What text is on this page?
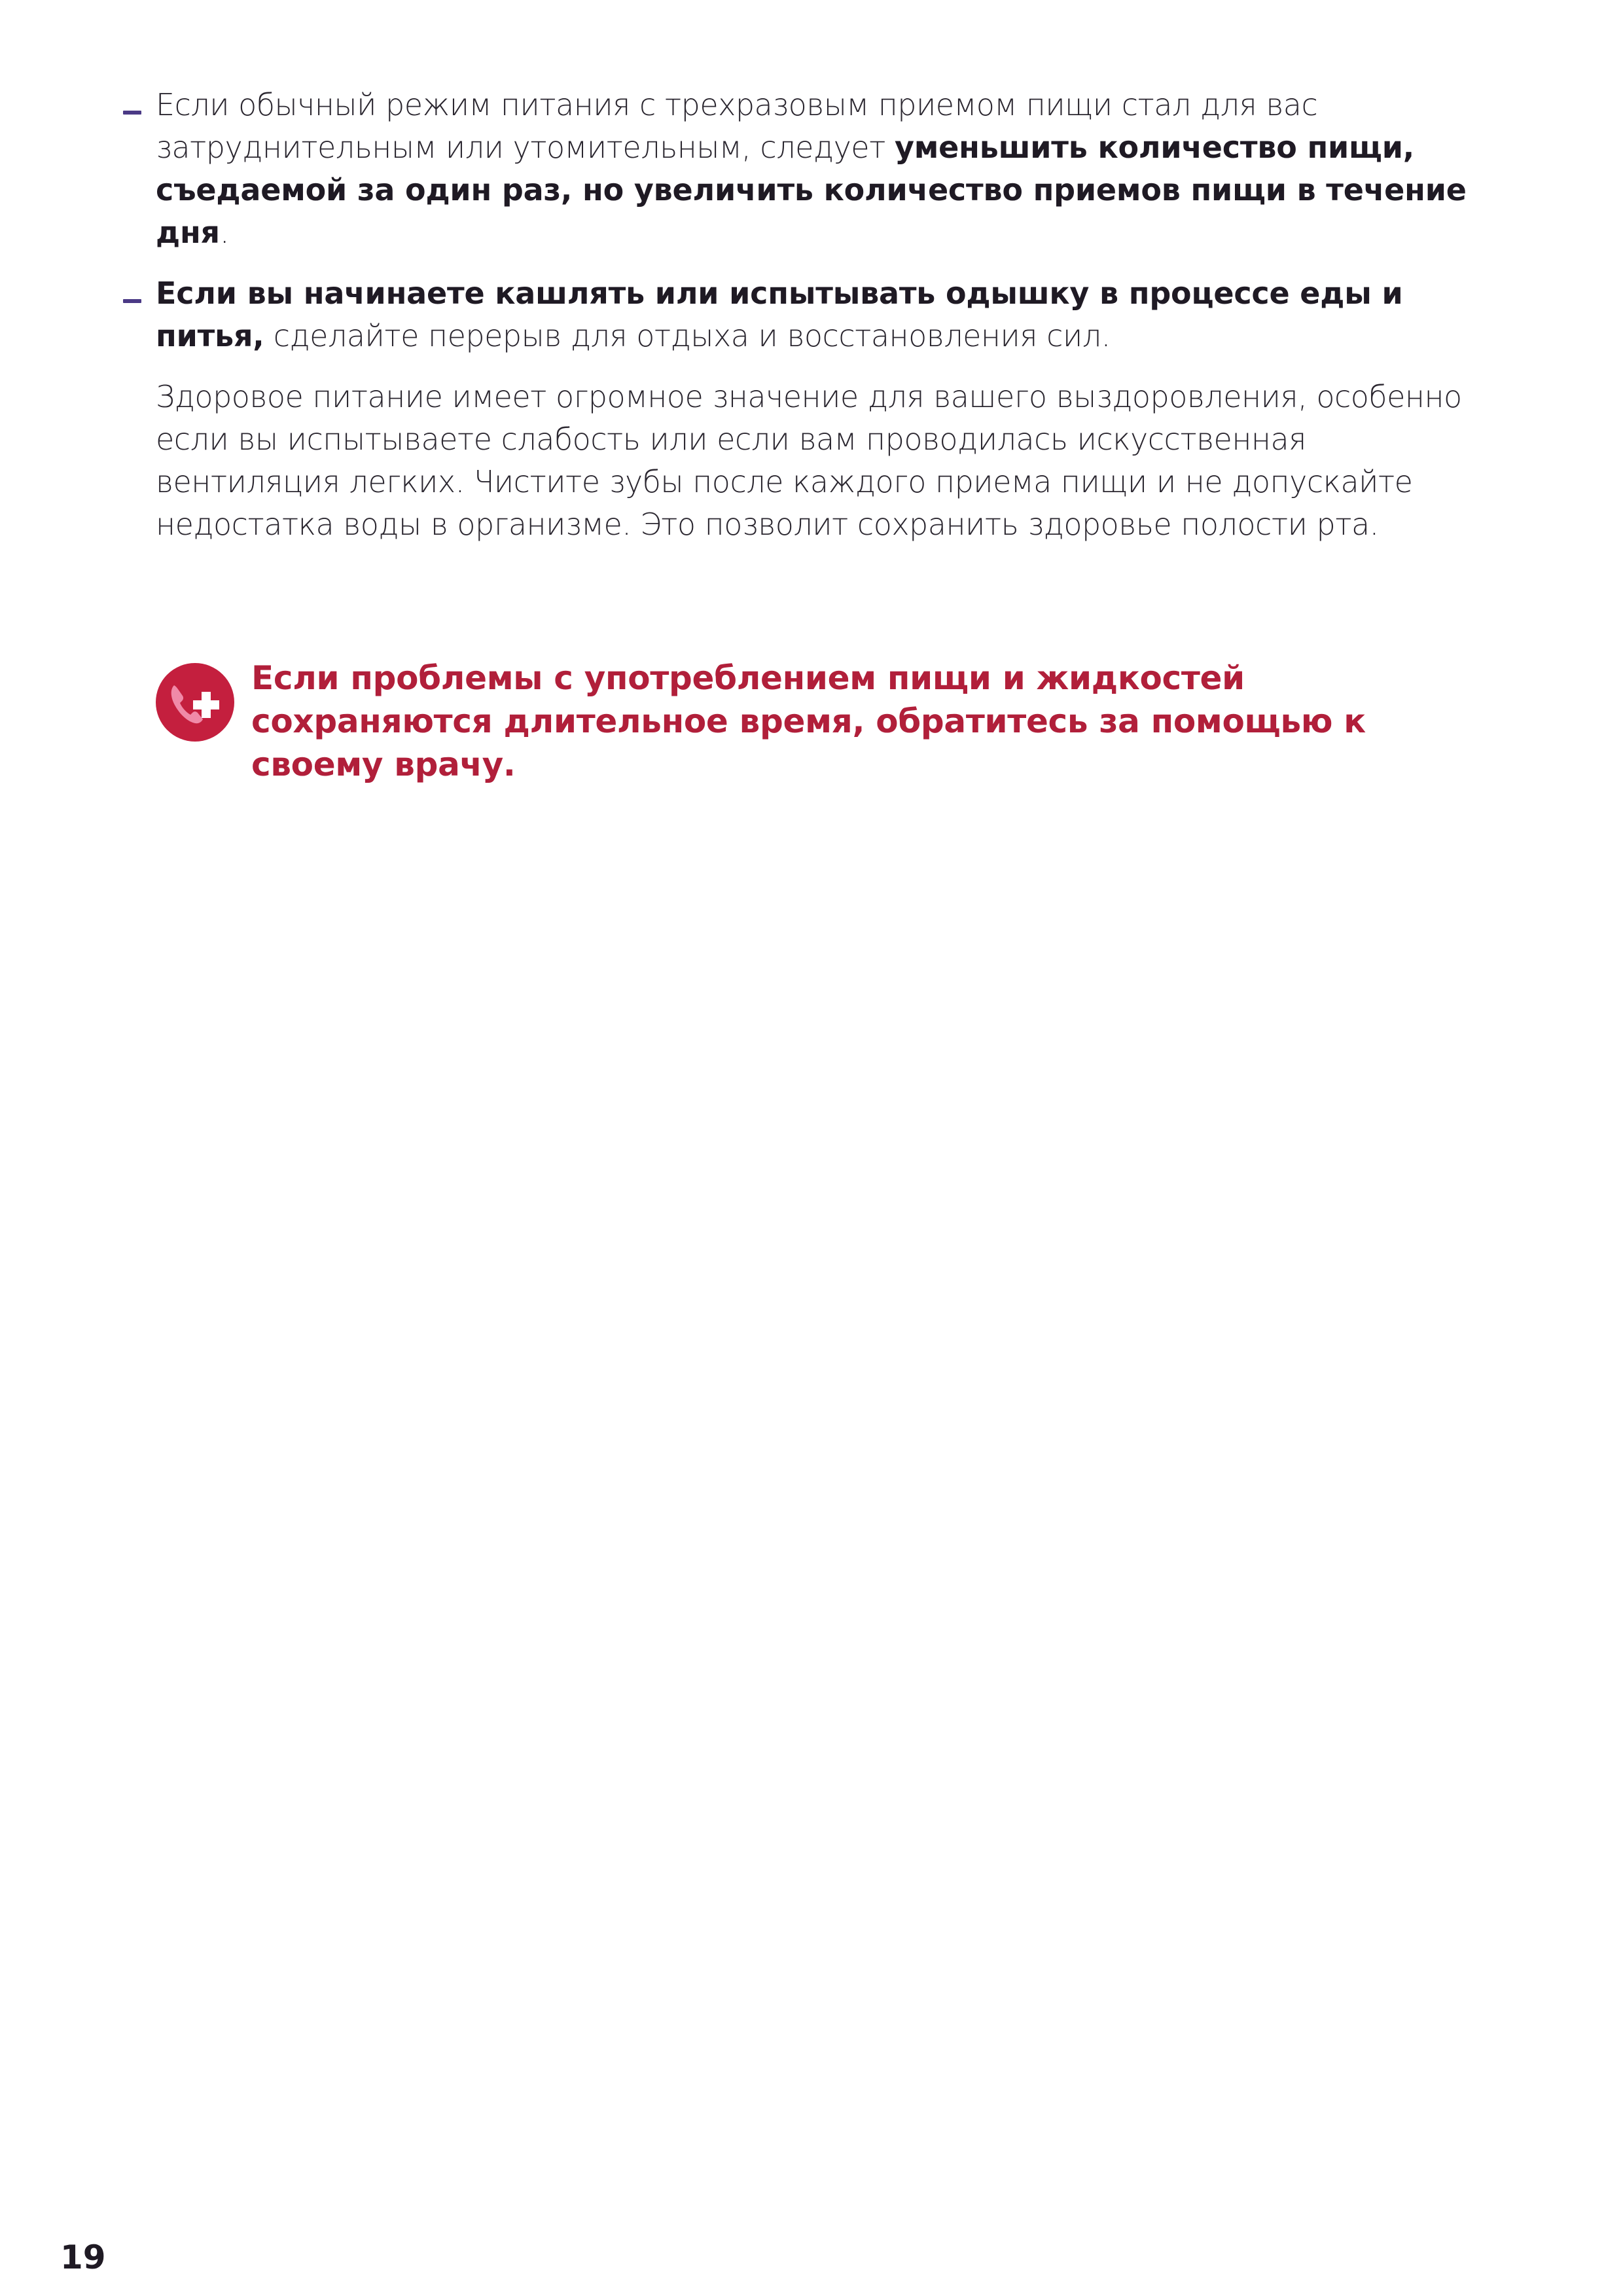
Если обычный режим питания с трехразовым приемом пищи стал для вас затруднительным или утомительным, следует уменьшить количество пищи, съедаемой за один раз, но увеличить количество приемов пищи в течение дня.
Если вы начинаете кашлять или испытывать одышку в процессе еды и питья, сделайте перерыв для отдыха и восстановления сил.
Здоровое питание имеет огромное значение для вашего выздоровления, особенно если вы испытываете слабость или если вам проводилась искусственная вентиляция легких. Чистите зубы после каждого приема пищи и не допускайте недостатка воды в организме. Это позволит сохранить здоровье полости рта.
Если проблемы с употреблением пищи и жидкостей сохраняются длительное время, обратитесь за помощью к своему врачу.
19
